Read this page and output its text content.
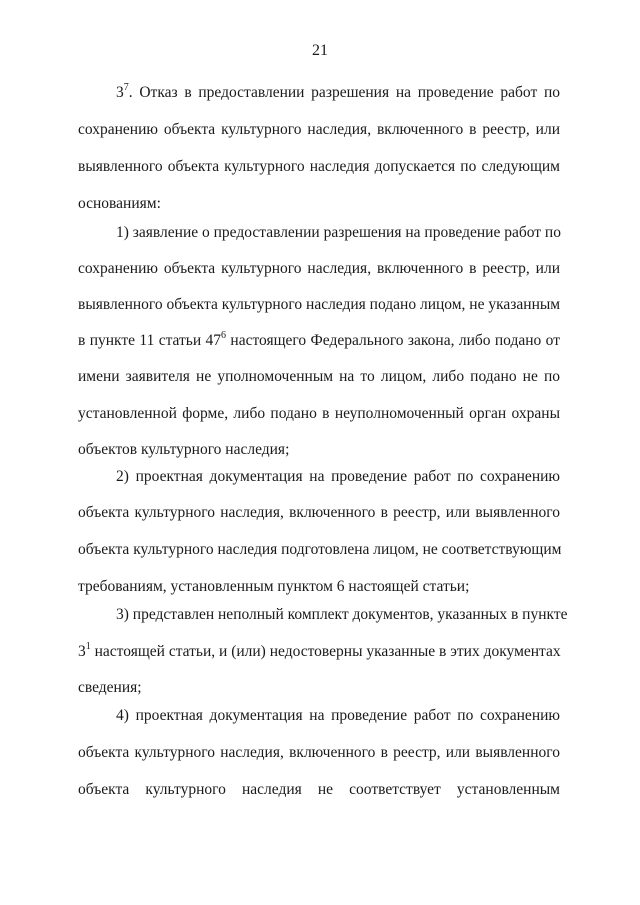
21
$3^7$. Отказ в предоставлении разрешения на проведение работ по
сохранению объекта культурного наследия, включенного в реестр, или
выявленного объекта культурного наследия допускается по следующим
основаниям:
1) заявление о предоставлении разрешения на проведение работ по
сохранению объекта культурного наследия, включенного в реестр, или
выявленного объекта культурного наследия подано лицом, не указанным
в пункте 11 статьи $47^6$ настоящего Федерального закона, либо подано от
имени заявителя не уполномоченным на то лицом, либо подано не по
установленной форме, либо подано в неуполномоченный орган охраны
объектов культурного наследия;
2) проектная документация на проведение работ по сохранению
объекта культурного наследия, включенного в реестр, или выявленного
объекта культурного наследия подготовлена лицом, не соответствующим
требованиям, установленным пунктом 6 настоящей статьи;
3) представлен неполный комплект документов, указанных в пункте
$3^1$ настоящей статьи, и (или) недостоверны указанные в этих документах
сведения;
4) проектная документация на проведение работ по сохранению
объекта культурного наследия, включенного в реестр, или выявленного
объекта культурного наследия не соответствует установленным
